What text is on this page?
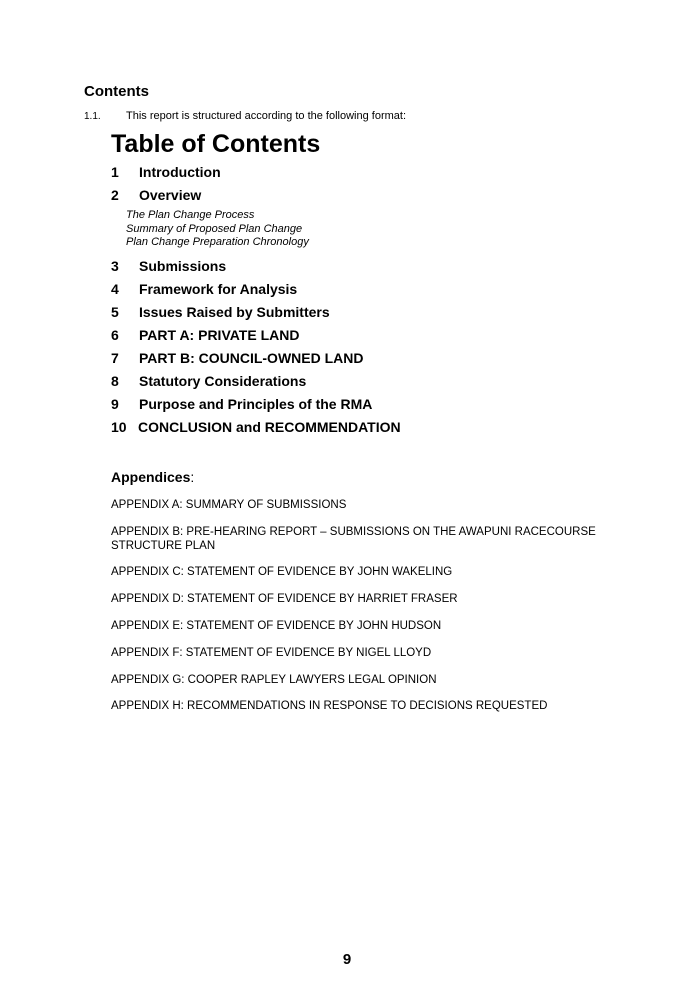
Contents
1.1. This report is structured according to the following format:
Table of Contents
1 Introduction
2 Overview
The Plan Change Process
Summary of Proposed Plan Change
Plan Change Preparation Chronology
3 Submissions
4 Framework for Analysis
5 Issues Raised by Submitters
6 PART A: PRIVATE LAND
7 PART B: COUNCIL-OWNED LAND
8 Statutory Considerations
9 Purpose and Principles of the RMA
10 CONCLUSION and RECOMMENDATION
Appendices:
APPENDIX A: SUMMARY OF SUBMISSIONS
APPENDIX B: PRE-HEARING REPORT – SUBMISSIONS ON THE AWAPUNI RACECOURSE STRUCTURE PLAN
APPENDIX C: STATEMENT OF EVIDENCE BY JOHN WAKELING
APPENDIX D: STATEMENT OF EVIDENCE BY HARRIET FRASER
APPENDIX E: STATEMENT OF EVIDENCE BY JOHN HUDSON
APPENDIX F: STATEMENT OF EVIDENCE BY NIGEL LLOYD
APPENDIX G: COOPER RAPLEY LAWYERS LEGAL OPINION
APPENDIX H: RECOMMENDATIONS IN RESPONSE TO DECISIONS REQUESTED
9
